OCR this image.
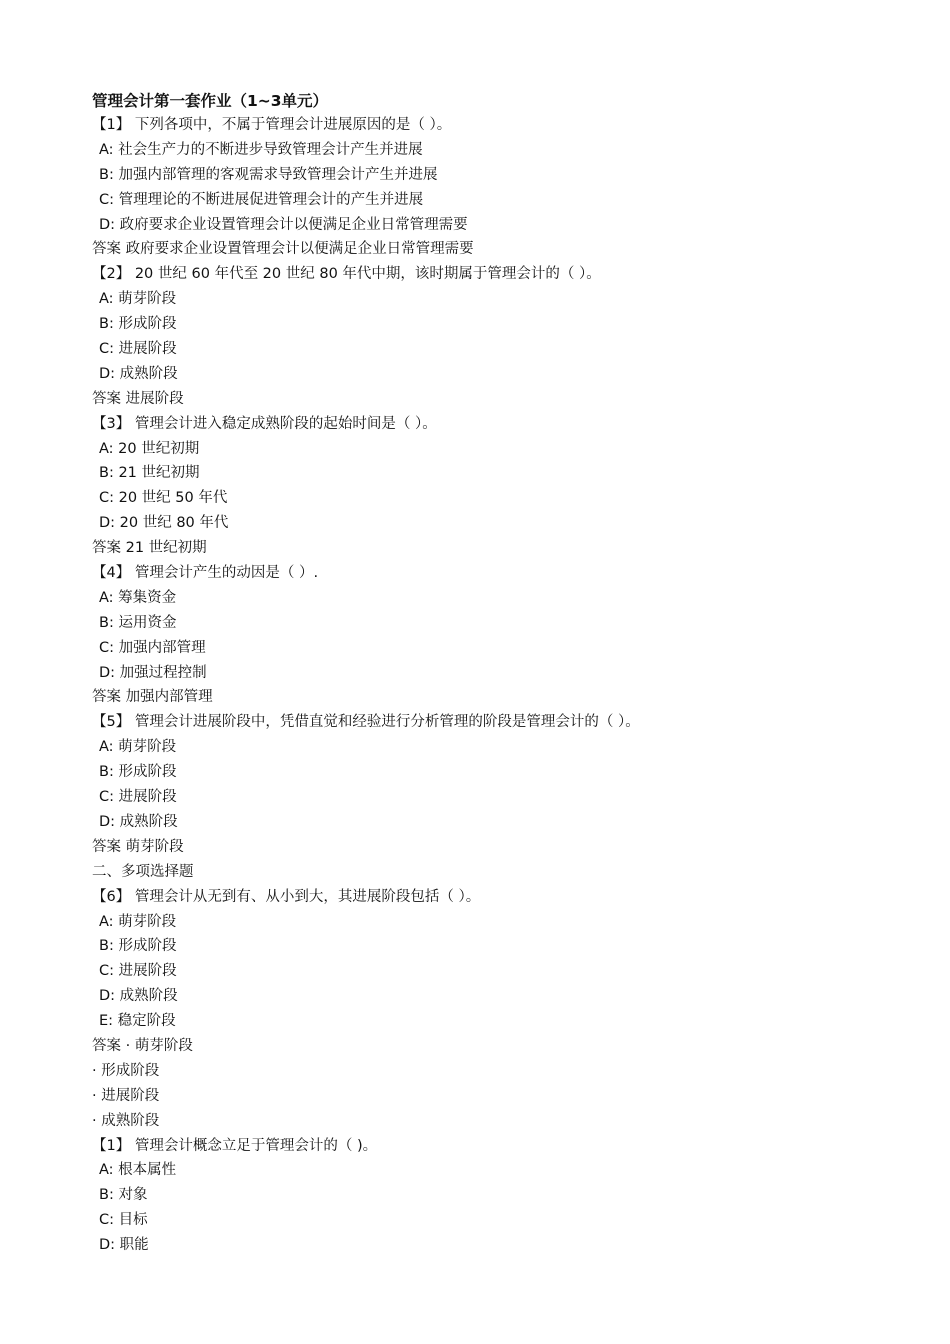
管理会计第一套作业（1~3单元）
【1】 下列各项中，不属于管理会计进展原因的是（ ）。
A: 社会生产力的不断进步导致管理会计产生并进展
B: 加强内部管理的客观需求导致管理会计产生并进展
C: 管理理论的不断进展促进管理会计的产生并进展
D: 政府要求企业设置管理会计以便满足企业日常管理需要
答案 政府要求企业设置管理会计以便满足企业日常管理需要
【2】 20 世纪 60 年代至 20 世纪 80 年代中期，该时期属于管理会计的（ ）。
A: 萌芽阶段
B: 形成阶段
C: 进展阶段
D: 成熟阶段
答案 进展阶段
【3】 管理会计进入稳定成熟阶段的起始时间是（ ）。
A: 20 世纪初期
B: 21 世纪初期
C: 20 世纪 50 年代
D: 20 世纪 80 年代
答案 21 世纪初期
【4】 管理会计产生的动因是（ ）.
A: 筹集资金
B: 运用资金
C: 加强内部管理
D: 加强过程控制
答案 加强内部管理
【5】 管理会计进展阶段中，凭借直觉和经验进行分析管理的阶段是管理会计的（ ）。
A: 萌芽阶段
B: 形成阶段
C: 进展阶段
D: 成熟阶段
答案 萌芽阶段
二、多项选择题
【6】 管理会计从无到有、从小到大，其进展阶段包括（ ）。
A: 萌芽阶段
B: 形成阶段
C: 进展阶段
D: 成熟阶段
E: 稳定阶段
答案 · 萌芽阶段
· 形成阶段
· 进展阶段
· 成熟阶段
【1】 管理会计概念立足于管理会计的（ )。
A: 根本属性
B: 对象
C: 目标
D: 职能
